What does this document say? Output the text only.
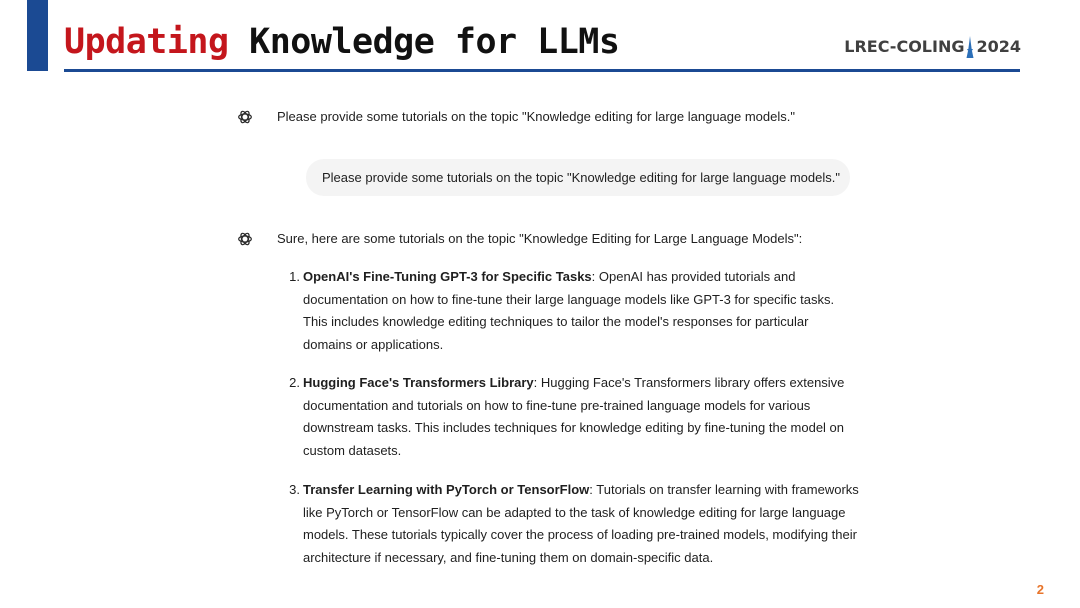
Updating Knowledge for LLMs	LREC-COLING 2024
Please provide some tutorials on the topic "Knowledge editing for large language models."
Please provide some tutorials on the topic "Knowledge editing for large language models."
Sure, here are some tutorials on the topic "Knowledge Editing for Large Language Models":
1. OpenAI's Fine-Tuning GPT-3 for Specific Tasks: OpenAI has provided tutorials and documentation on how to fine-tune their large language models like GPT-3 for specific tasks. This includes knowledge editing techniques to tailor the model's responses for particular domains or applications.
2. Hugging Face's Transformers Library: Hugging Face's Transformers library offers extensive documentation and tutorials on how to fine-tune pre-trained language models for various downstream tasks. This includes techniques for knowledge editing by fine-tuning the model on custom datasets.
3. Transfer Learning with PyTorch or TensorFlow: Tutorials on transfer learning with frameworks like PyTorch or TensorFlow can be adapted to the task of knowledge editing for large language models. These tutorials typically cover the process of loading pre-trained models, modifying their architecture if necessary, and fine-tuning them on domain-specific data.
2
